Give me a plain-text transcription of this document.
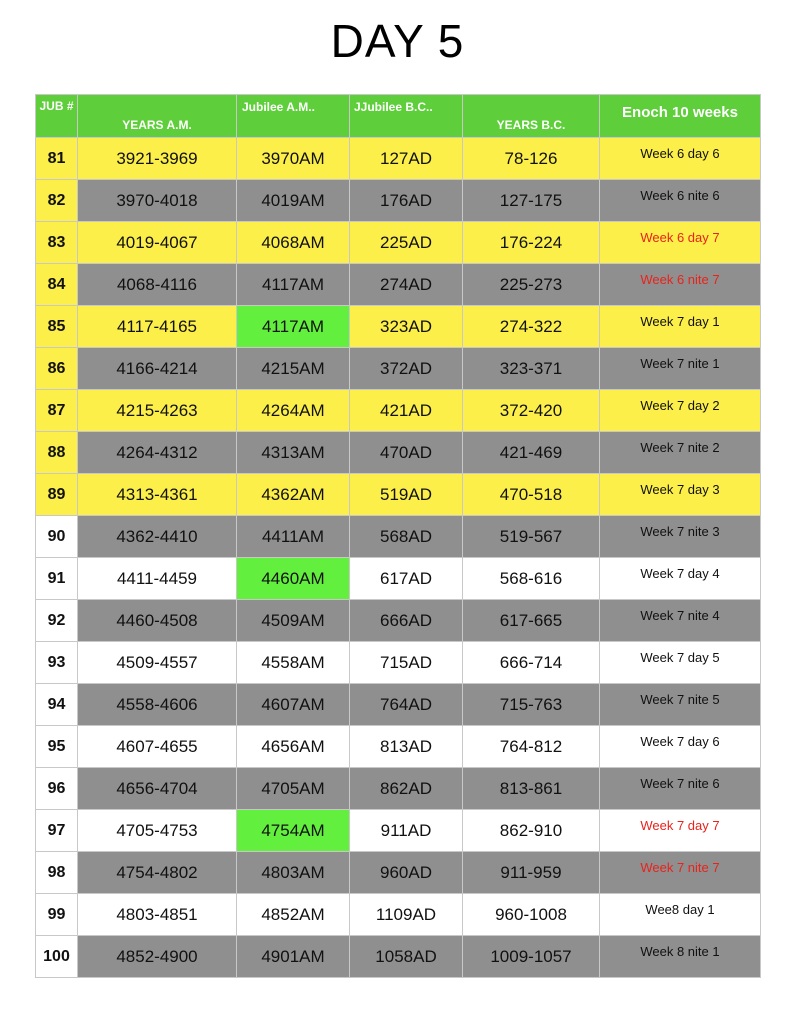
DAY 5
JUB #	YEARS A.M.	Jubilee A.M..	JJubilee B.C..	YEARS B.C.	Enoch 10 weeks

81	3921-3969	3970AM	127AD	78-126	Week 6 day 6
82	3970-4018	4019AM	176AD	127-175	Week 6 nite 6
83	4019-4067	4068AM	225AD	176-224	Week 6 day 7
84	4068-4116	4117AM	274AD	225-273	Week 6 nite 7
85	4117-4165	4117AM	323AD	274-322	Week 7 day 1
86	4166-4214	4215AM	372AD	323-371	Week 7 nite 1
87	4215-4263	4264AM	421AD	372-420	Week 7 day 2
88	4264-4312	4313AM	470AD	421-469	Week 7 nite 2
89	4313-4361	4362AM	519AD	470-518	Week 7 day 3
90	4362-4410	4411AM	568AD	519-567	Week 7 nite 3
91	4411-4459	4460AM	617AD	568-616	Week 7 day 4
92	4460-4508	4509AM	666AD	617-665	Week 7 nite 4
93	4509-4557	4558AM	715AD	666-714	Week 7 day 5
94	4558-4606	4607AM	764AD	715-763	Week 7 nite 5
95	4607-4655	4656AM	813AD	764-812	Week 7 day 6
96	4656-4704	4705AM	862AD	813-861	Week 7 nite 6
97	4705-4753	4754AM	911AD	862-910	Week 7 day 7
98	4754-4802	4803AM	960AD	911-959	Week 7 nite 7
99	4803-4851	4852AM	1109AD	960-1008	Wee8 day 1
100	4852-4900	4901AM	1058AD	1009-1057	Week 8 nite 1
